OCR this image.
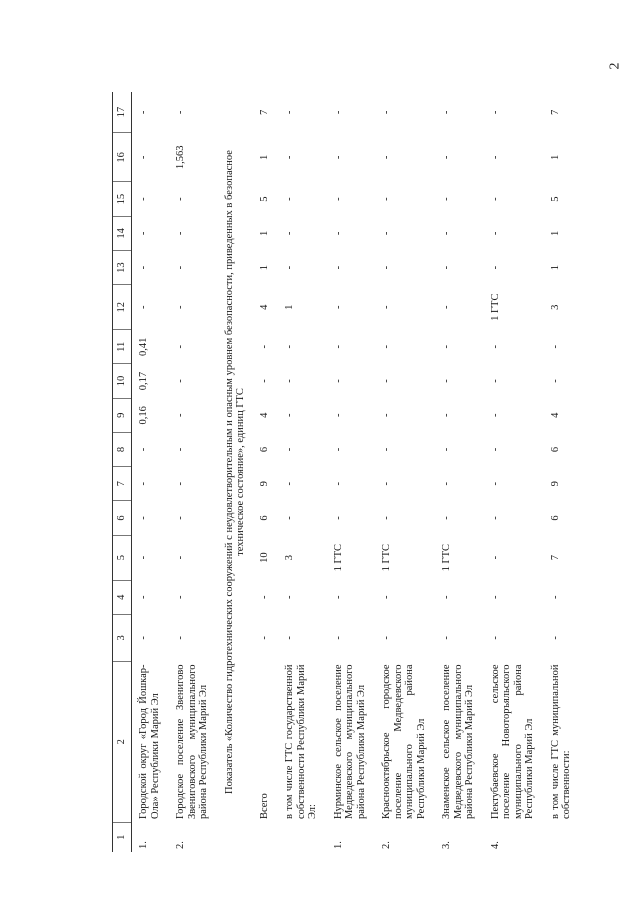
2
1	2	3	4	5	6	7	8	9	10	11	12	13	14	15	16	17
1.	Городской округ «Город Йошкар-Ола» Республики Марий Эл	-	-	-	-	-	-	0,16	0,17	0,41	-	-	-	-	-	-
2.	Городское поселение Звенигово Звениговского муниципального района Республики Марий Эл	-	-	-	-	-	-	-	-	-	-	-	-	-	1,563	-
Показатель «Количество гидротехнических сооружений с неудовлетворительным и опасным уровнем безопасности, приведенных в безопасное техническое состояние», единиц ГТС																
	Всего	-	-	10	6	9	6	4	-	-	4	1	1	5	1	7
	в том числе ГТС государственной собственности Республики Марий Эл:	-	-	3	-	-	-	-	-	-	1	-	-	-	-	-
1.	Нурминское сельское поселение Медведевского муниципального района Республики Марий Эл	-	-	1 ГТС	-	-	-	-	-	-	-	-	-	-	-	-
2.	Краснооктябрьское городское поселение Медведевского муниципального района Республики Марий Эл	-	-	1 ГТС	-	-	-	-	-	-	-	-	-	-	-	-
3.	Знаменское сельское поселение Медведевского муниципального района Республики Марий Эл	-	-	1 ГТС	-	-	-	-	-	-	-	-	-	-	-	-
4.	Пектубаевское сельское поселение Новоторъяльского муниципального района Республики Марий Эл	-	-	-	-	-	-	-	-	-	1 ГТС	-	-	-	-	-
	в том числе ГТС муниципальной собственности:	-	-	7	6	9	6	4	-	-	3	1	1	5	1	7
